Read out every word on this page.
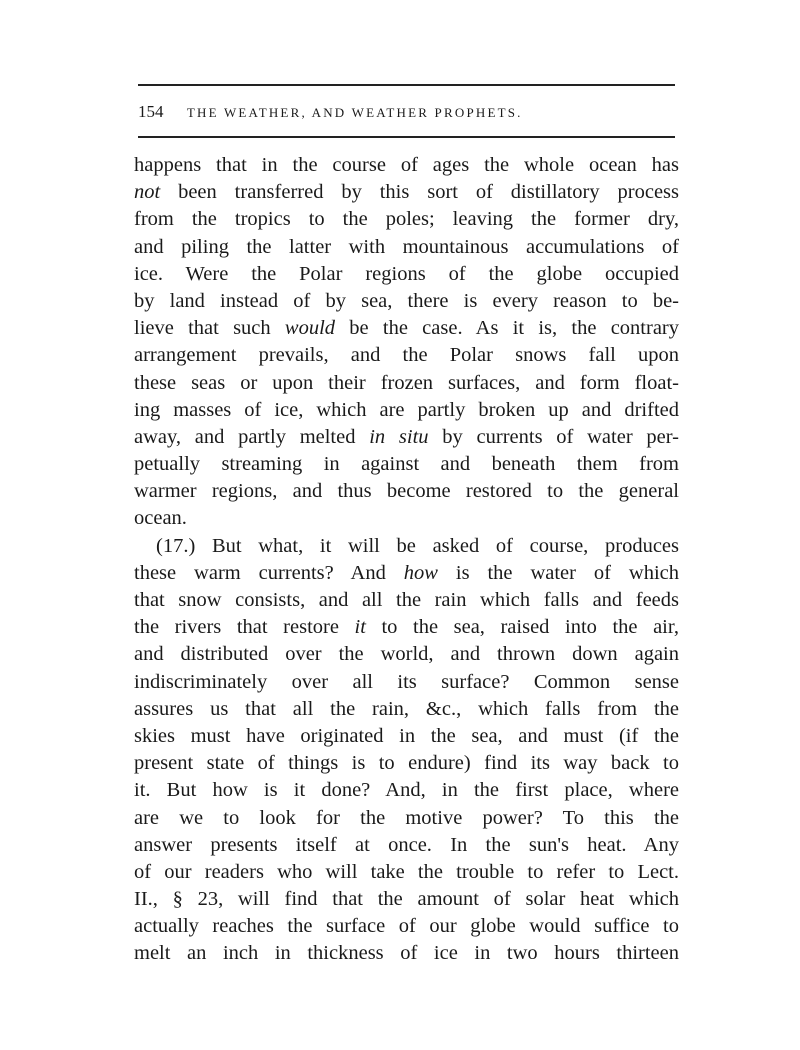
154 THE WEATHER, AND WEATHER PROPHETS.
happens that in the course of ages the whole ocean has
not been transferred by this sort of distillatory process
from the tropics to the poles; leaving the former dry,
and piling the latter with mountainous accumulations of
ice. Were the Polar regions of the globe occupied
by land instead of by sea, there is every reason to be-
lieve that such would be the case. As it is, the contrary
arrangement prevails, and the Polar snows fall upon
these seas or upon their frozen surfaces, and form float-
ing masses of ice, which are partly broken up and drifted
away, and partly melted in situ by currents of water per-
petually streaming in against and beneath them from
warmer regions, and thus become restored to the general
ocean.
(17.) But what, it will be asked of course, produces
these warm currents? And how is the water of which
that snow consists, and all the rain which falls and feeds
the rivers that restore it to the sea, raised into the air,
and distributed over the world, and thrown down again
indiscriminately over all its surface? Common sense
assures us that all the rain, &c., which falls from the
skies must have originated in the sea, and must (if the
present state of things is to endure) find its way back to
it. But how is it done? And, in the first place, where
are we to look for the motive power? To this the
answer presents itself at once. In the sun's heat. Any
of our readers who will take the trouble to refer to Lect.
II., § 23, will find that the amount of solar heat which
actually reaches the surface of our globe would suffice to
melt an inch in thickness of ice in two hours thirteen
